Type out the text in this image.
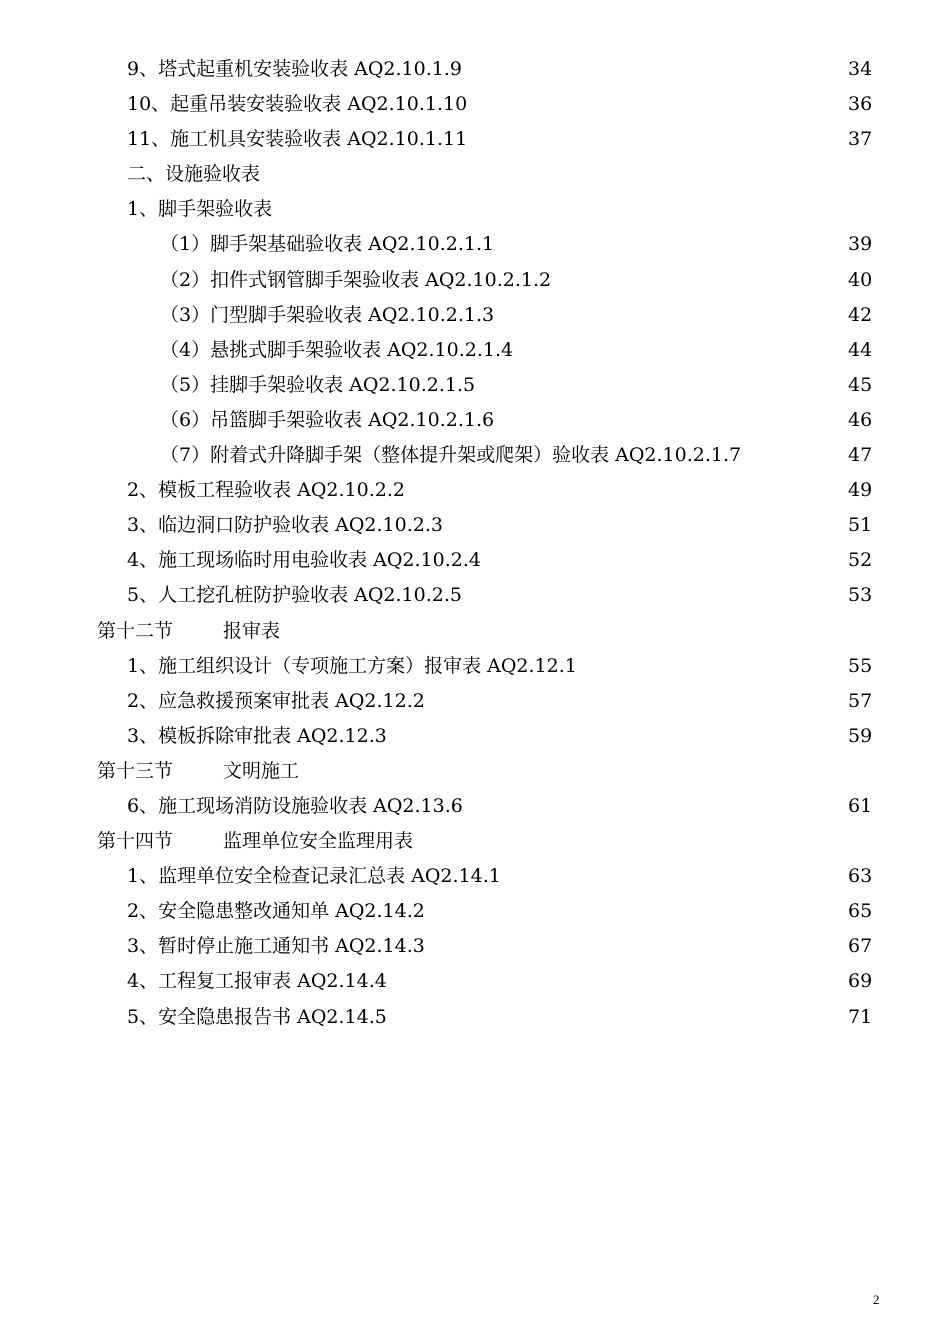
9、塔式起重机安装验收表 AQ2.10.1.9	34
10、起重吊装安装验收表 AQ2.10.1.10	36
11、施工机具安装验收表 AQ2.10.1.11	37
二、设施验收表
1、脚手架验收表
（1）脚手架基础验收表 AQ2.10.2.1.1	39
（2）扣件式钢管脚手架验收表 AQ2.10.2.1.2	40
（3）门型脚手架验收表 AQ2.10.2.1.3	42
（4）悬挑式脚手架验收表 AQ2.10.2.1.4	44
（5）挂脚手架验收表 AQ2.10.2.1.5	45
（6）吊篮脚手架验收表 AQ2.10.2.1.6	46
（7）附着式升降脚手架（整体提升架或爬架）验收表 AQ2.10.2.1.7	47
2、模板工程验收表 AQ2.10.2.2	49
3、临边洞口防护验收表 AQ2.10.2.3	51
4、施工现场临时用电验收表 AQ2.10.2.4	52
5、人工挖孔桩防护验收表 AQ2.10.2.5	53
第十二节	报审表
1、施工组织设计（专项施工方案）报审表 AQ2.12.1	55
2、应急救援预案审批表 AQ2.12.2	57
3、模板拆除审批表 AQ2.12.3	59
第十三节	文明施工
6、施工现场消防设施验收表 AQ2.13.6	61
第十四节	监理单位安全监理用表
1、监理单位安全检查记录汇总表 AQ2.14.1	63
2、安全隐患整改通知单 AQ2.14.2	65
3、暂时停止施工通知书 AQ2.14.3	67
4、工程复工报审表 AQ2.14.4	69
5、安全隐患报告书 AQ2.14.5	71
2
